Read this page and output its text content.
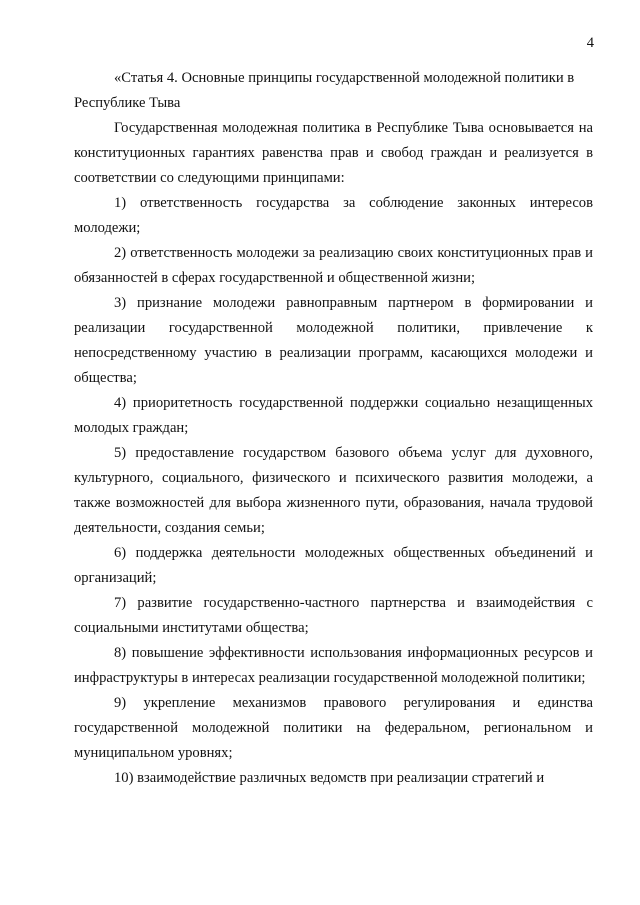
4

«Статья 4. Основные принципы государственной молодежной политики в Республике Тыва

Государственная молодежная политика в Республике Тыва основывается на конституционных гарантиях равенства прав и свобод граждан и реализуется в соответствии со следующими принципами:

1) ответственность государства за соблюдение законных интересов молодежи;

2) ответственность молодежи за реализацию своих конституционных прав и обязанностей в сферах государственной и общественной жизни;

3) признание молодежи равноправным партнером в формировании и реализации государственной молодежной политики, привлечение к непосредственному участию в реализации программ, касающихся молодежи и общества;

4) приоритетность государственной поддержки социально незащищенных молодых граждан;

5) предоставление государством базового объема услуг для духовного, культурного, социального, физического и психического развития молодежи, а также возможностей для выбора жизненного пути, образования, начала трудовой деятельности, создания семьи;

6) поддержка деятельности молодежных общественных объединений и организаций;

7) развитие государственно-частного партнерства и взаимодействия с социальными институтами общества;

8) повышение эффективности использования информационных ресурсов и инфраструктуры в интересах реализации государственной молодежной политики;

9) укрепление механизмов правового регулирования и единства государственной молодежной политики на федеральном, региональном и муниципальном уровнях;

10) взаимодействие различных ведомств при реализации стратегий и
